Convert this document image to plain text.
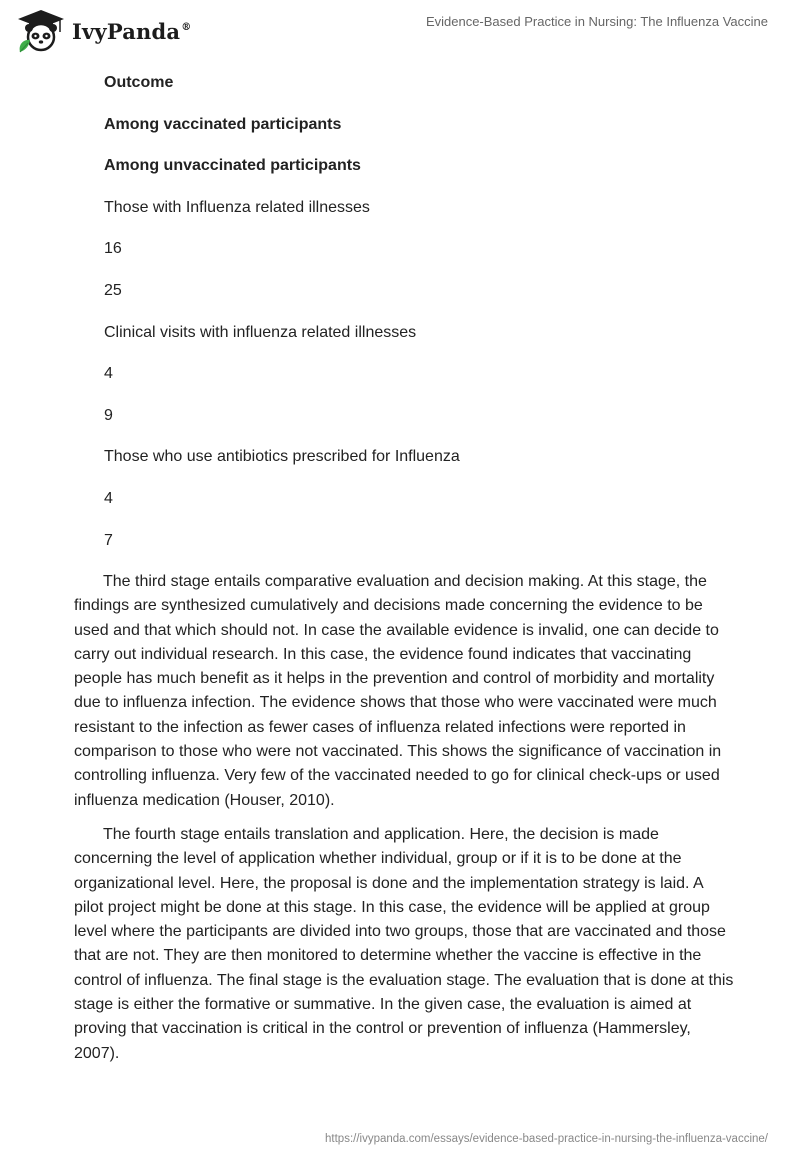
IvyPanda®	Evidence-Based Practice in Nursing: The Influenza Vaccine
Outcome
Among vaccinated participants
Among unvaccinated participants
Those with Influenza related illnesses
16
25
Clinical visits with influenza related illnesses
4
9
Those who use antibiotics prescribed for Influenza
4
7

The third stage entails comparative evaluation and decision making. At this stage, the findings are synthesized cumulatively and decisions made concerning the evidence to be used and that which should not. In case the available evidence is invalid, one can decide to carry out individual research. In this case, the evidence found indicates that vaccinating people has much benefit as it helps in the prevention and control of morbidity and mortality due to influenza infection. The evidence shows that those who were vaccinated were much resistant to the infection as fewer cases of influenza related infections were reported in comparison to those who were not vaccinated. This shows the significance of vaccination in controlling influenza. Very few of the vaccinated needed to go for clinical check-ups or used influenza medication (Houser, 2010).

The fourth stage entails translation and application. Here, the decision is made concerning the level of application whether individual, group or if it is to be done at the organizational level. Here, the proposal is done and the implementation strategy is laid. A pilot project might be done at this stage. In this case, the evidence will be applied at group level where the participants are divided into two groups, those that are vaccinated and those that are not. They are then monitored to determine whether the vaccine is effective in the control of influenza. The final stage is the evaluation stage. The evaluation that is done at this stage is either the formative or summative. In the given case, the evaluation is aimed at proving that vaccination is critical in the control or prevention of influenza (Hammersley, 2007).

https://ivypanda.com/essays/evidence-based-practice-in-nursing-the-influenza-vaccine/
